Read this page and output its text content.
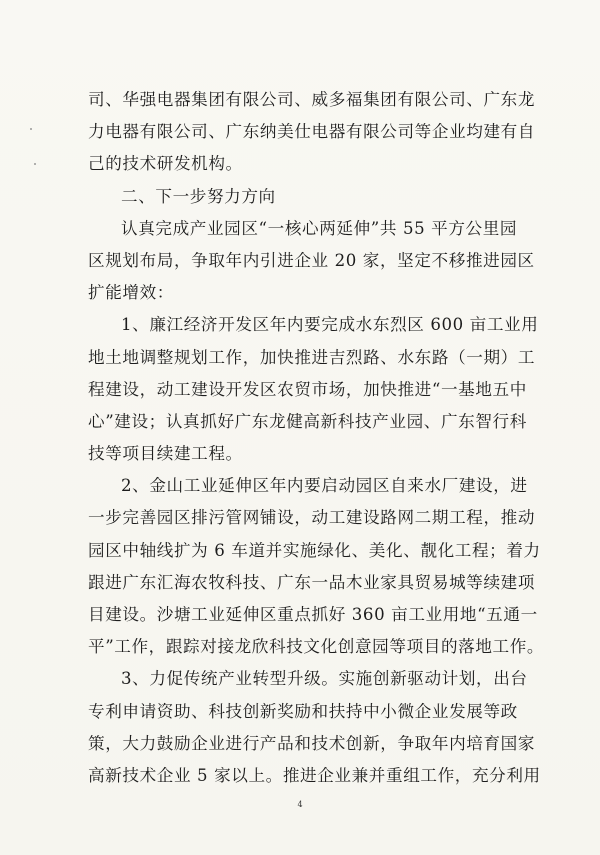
司、华强电器集团有限公司、威多福集团有限公司、广东龙
力电器有限公司、广东纳美仕电器有限公司等企业均建有自
己的技术研发机构。
二、下一步努力方向
认真完成产业园区“一核心两延伸”共 55 平方公里园
区规划布局，争取年内引进企业 20 家，坚定不移推进园区
扩能增效：
1、廉江经济开发区年内要完成水东烈区 600 亩工业用
地土地调整规划工作，加快推进吉烈路、水东路（一期）工
程建设，动工建设开发区农贸市场，加快推进“一基地五中
心”建设；认真抓好广东龙健高新科技产业园、广东智行科
技等项目续建工程。
2、金山工业延伸区年内要启动园区自来水厂建设，进
一步完善园区排污管网铺设，动工建设路网二期工程，推动
园区中轴线扩为 6 车道并实施绿化、美化、靓化工程；着力
跟进广东汇海农牧科技、广东一品木业家具贸易城等续建项
目建设。沙塘工业延伸区重点抓好 360 亩工业用地“五通一
平”工作，跟踪对接龙欣科技文化创意园等项目的落地工作。
3、力促传统产业转型升级。实施创新驱动计划，出台
专利申请资助、科技创新奖励和扶持中小微企业发展等政
策，大力鼓励企业进行产品和技术创新，争取年内培育国家
高新技术企业 5 家以上。推进企业兼并重组工作，充分利用
4
